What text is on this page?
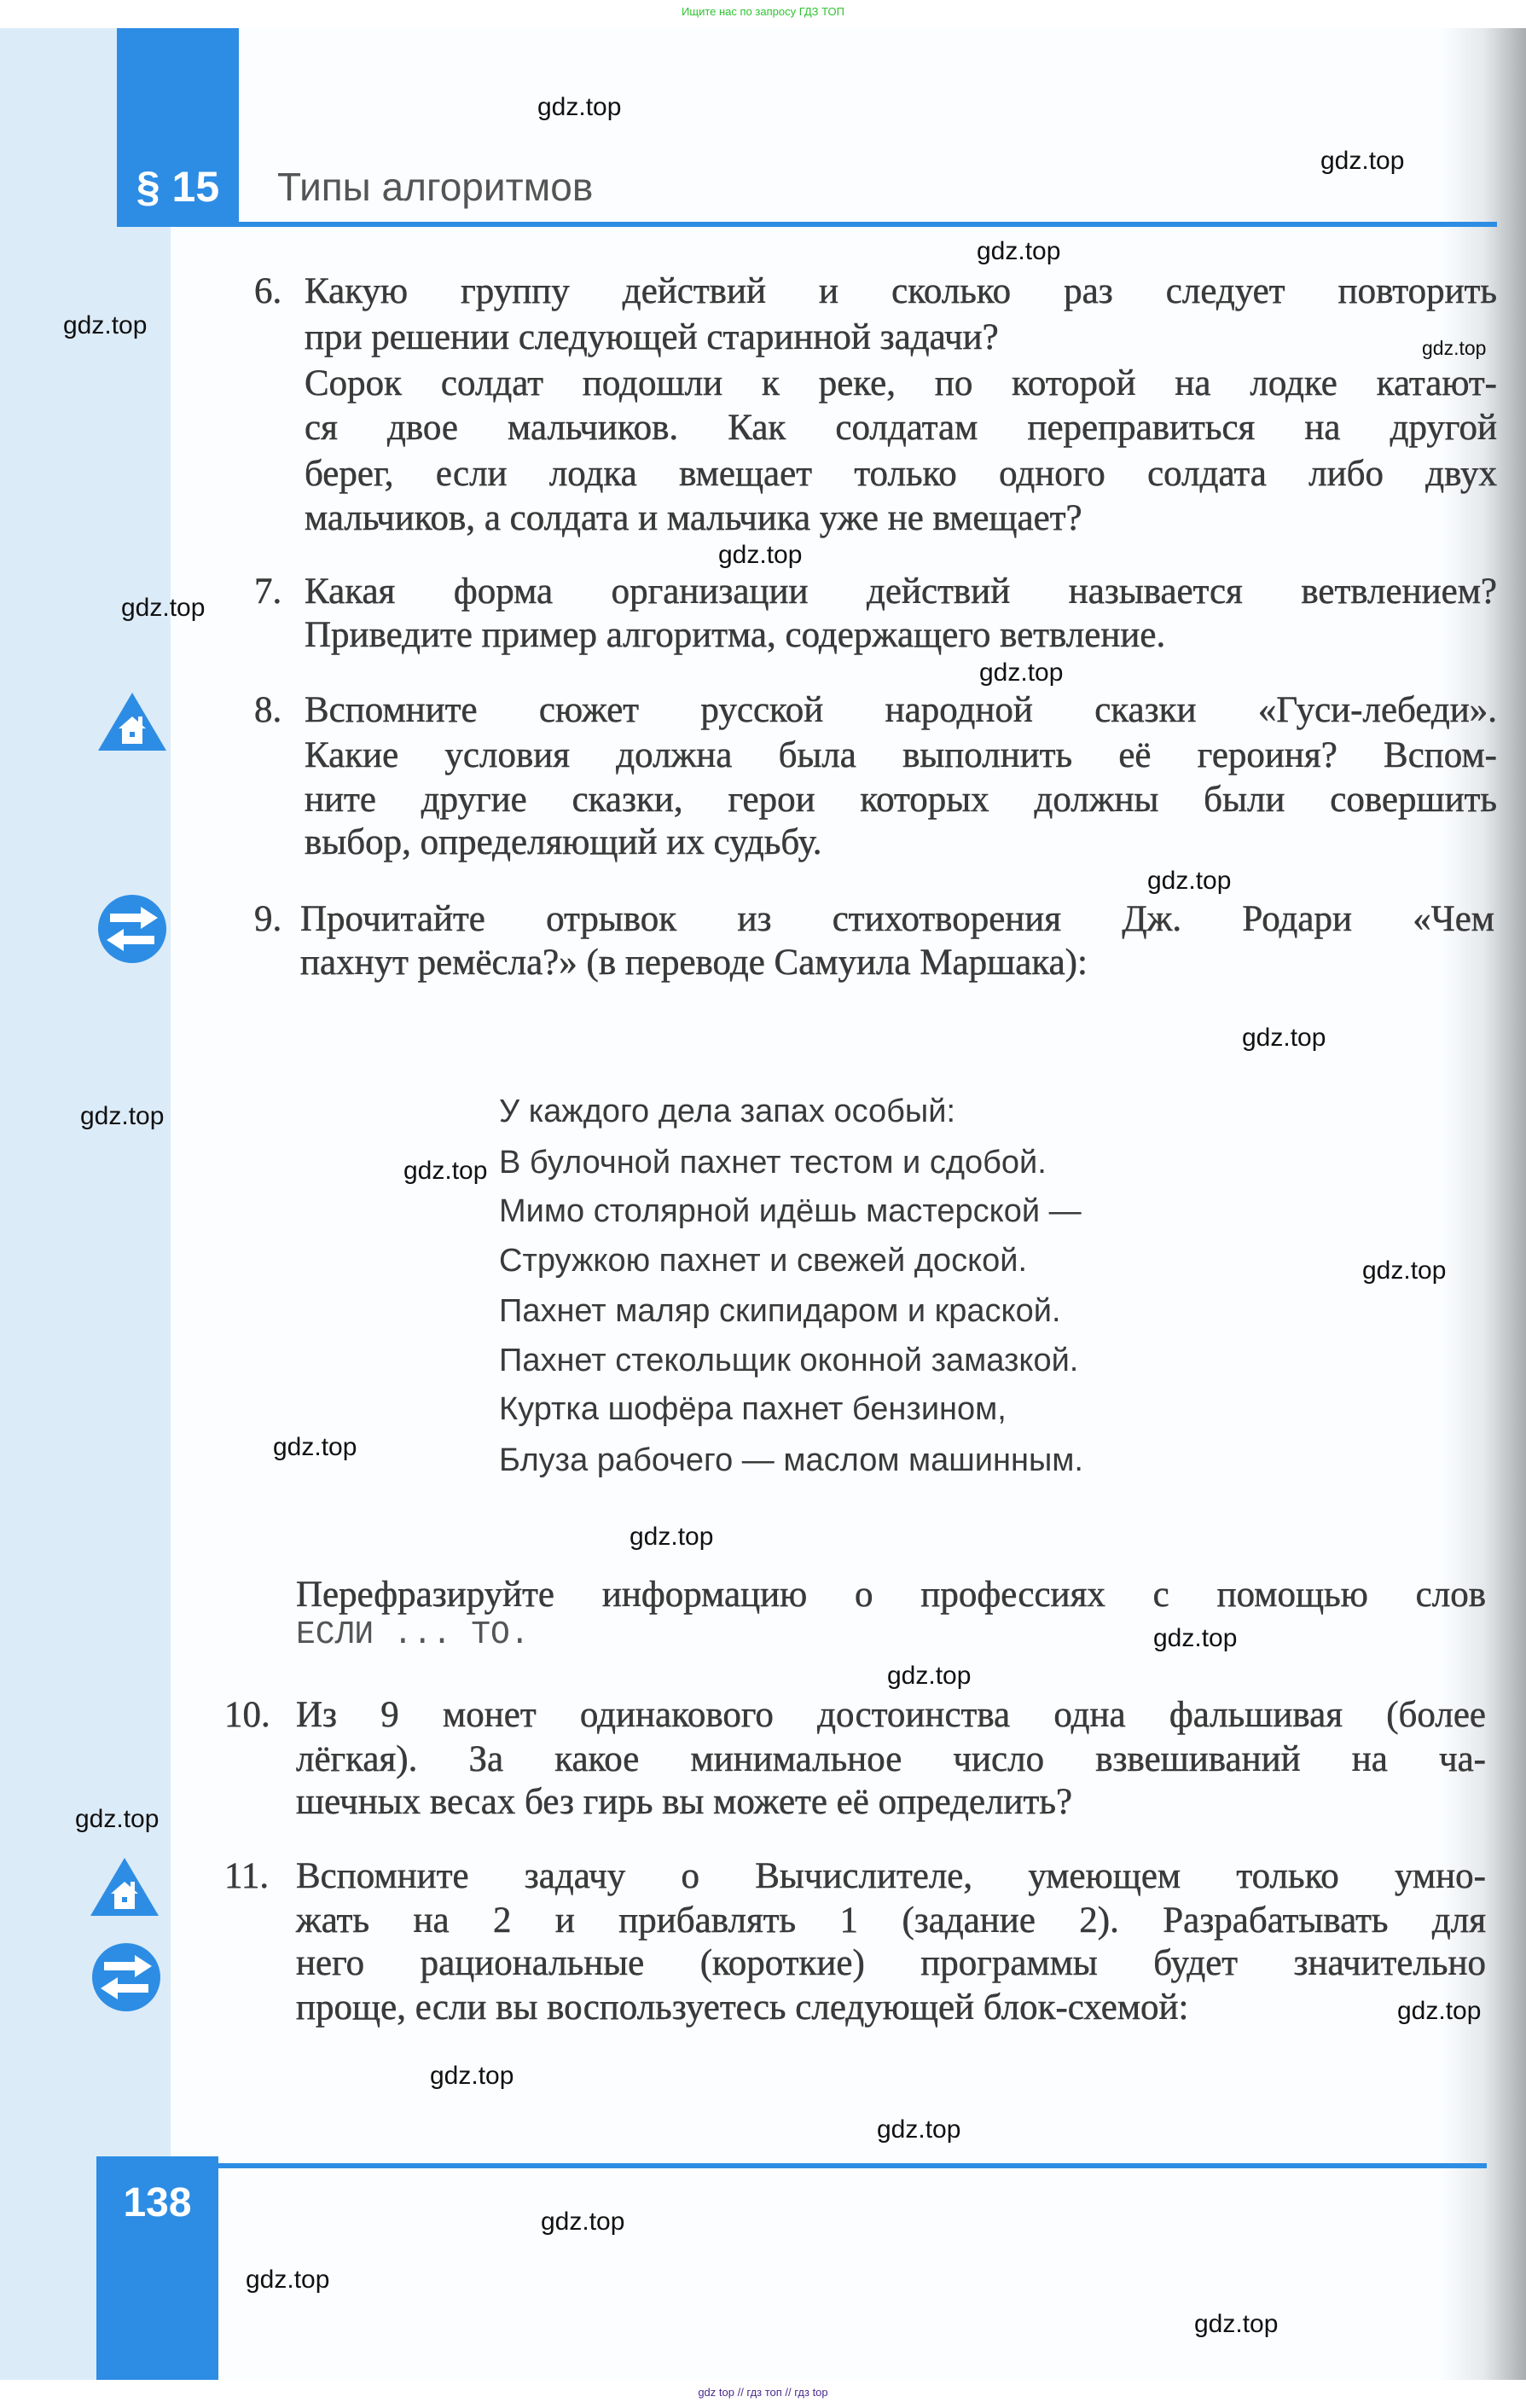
Ищите нас по запросу ГДЗ ТОП
§ 15	Типы алгоритмов
6. Какую группу действий и сколько раз следует повторить
при решении следующей старинной задачи?
Сорок солдат подошли к реке, по которой на лодке катают-
ся двое мальчиков. Как солдатам переправиться на другой
берег, если лодка вмещает только одного солдата либо двух
мальчиков, а солдата и мальчика уже не вмещает?
7. Какая форма организации действий называется ветвлением?
Приведите пример алгоритма, содержащего ветвление.
8. Вспомните сюжет русской народной сказки «Гуси-лебеди».
Какие условия должна была выполнить её героиня? Вспом-
ните другие сказки, герои которых должны были совершить
выбор, определяющий их судьбу.
9. Прочитайте отрывок из стихотворения Дж. Родари «Чем
пахнут ремёсла?» (в переводе Самуила Маршака):
У каждого дела запах особый:
В булочной пахнет тестом и сдобой.
Мимо столярной идёшь мастерской —
Стружкою пахнет и свежей доской.
Пахнет маляр скипидаром и краской.
Пахнет стекольщик оконной замазкой.
Куртка шофёра пахнет бензином,
Блуза рабочего — маслом машинным.
Перефразируйте информацию о профессиях с помощью слов
ЕСЛИ ... ТО.
10. Из 9 монет одинакового достоинства одна фальшивая (более
лёгкая). За какое минимальное число взвешиваний на ча-
шечных весах без гирь вы можете её определить?
11. Вспомните задачу о Вычислителе, умеющем только умно-
жать на 2 и прибавлять 1 (задание 2). Разрабатывать для
него рациональные (короткие) программы будет значительно
проще, если вы воспользуетесь следующей блок-схемой:
138
gdz.top
gdz.top
gdz.top
gdz.top
gdz.top
gdz.top
gdz.top
gdz.top
gdz.top
gdz.top
gdz.top
gdz.top
gdz.top
gdz.top
gdz.top
gdz.top
gdz.top
gdz.top
gdz.top
gdz.top
gdz.top
gdz.top
gdz.top
gdz.top
gdz top // гдз топ // гдз top
